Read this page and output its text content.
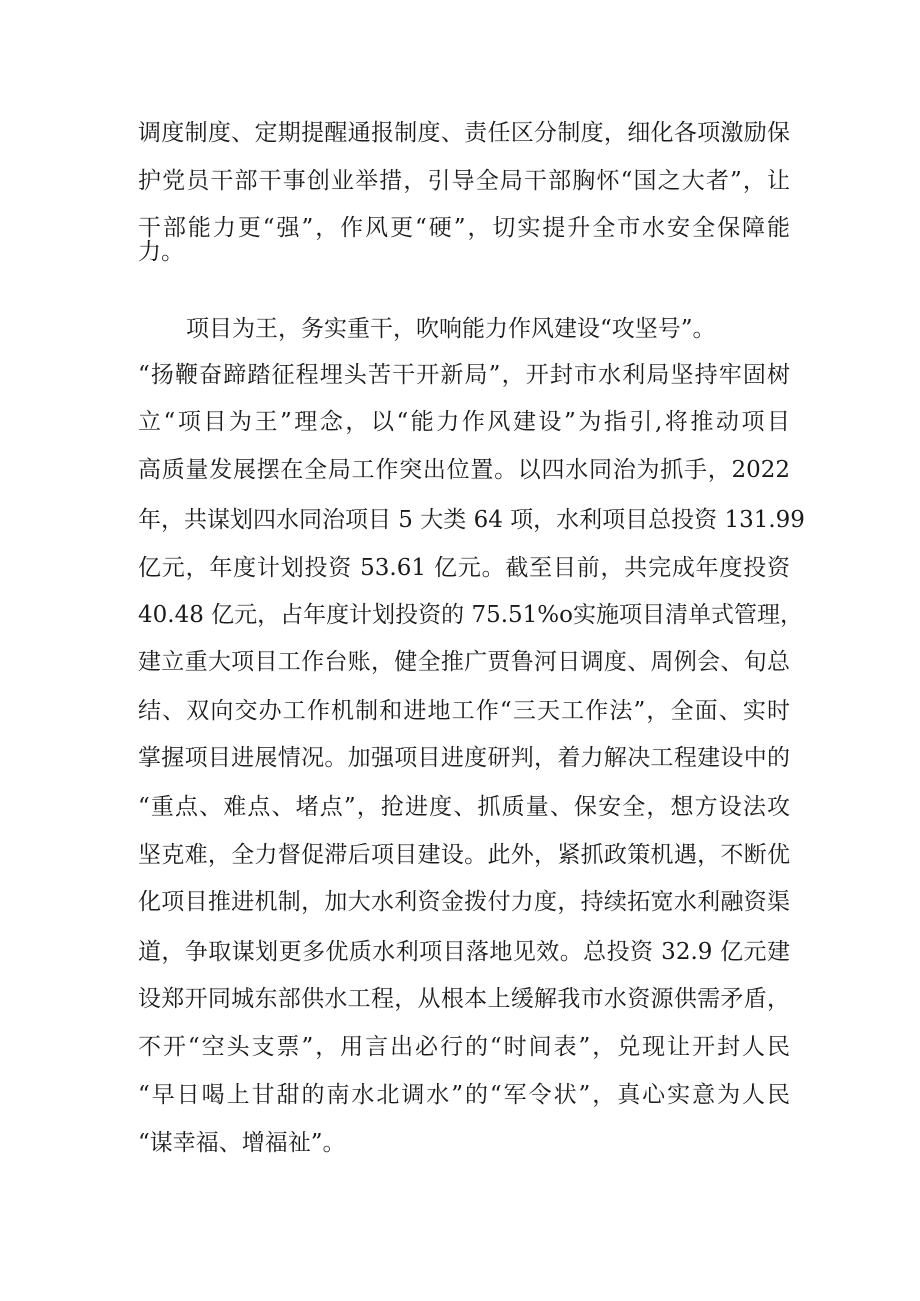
调度制度、定期提醒通报制度、责任区分制度，细化各项激励保
护党员干部干事创业举措，引导全局干部胸怀“国之大者”，让
干部能力更“强”，作风更“硬”，切实提升全市水安全保障能
力。
项目为王，务实重干，吹响能力作风建设“攻坚号”。
“扬鞭奋蹄踏征程埋头苦干开新局”，开封市水利局坚持牢固树
立“项目为王”理念，以“能力作风建设”为指引,将推动项目
高质量发展摆在全局工作突出位置。以四水同治为抓手，2022
年，共谋划四水同治项目 5 大类 64 项，水利项目总投资 131.99
亿元，年度计划投资 53.61 亿元。截至目前，共完成年度投资
40.48 亿元，占年度计划投资的 75.51%o实施项目清单式管理，
建立重大项目工作台账，健全推广贾鲁河日调度、周例会、旬总
结、双向交办工作机制和进地工作“三天工作法”，全面、实时
掌握项目进展情况。加强项目进度研判，着力解决工程建设中的
“重点、难点、堵点”，抢进度、抓质量、保安全，想方设法攻
坚克难，全力督促滞后项目建设。此外，紧抓政策机遇，不断优
化项目推进机制，加大水利资金拨付力度，持续拓宽水利融资渠
道，争取谋划更多优质水利项目落地见效。总投资 32.9 亿元建
设郑开同城东部供水工程，从根本上缓解我市水资源供需矛盾，
不开“空头支票”，用言出必行的“时间表”，兑现让开封人民
“早日喝上甘甜的南水北调水”的“军令状”，真心实意为人民
“谋幸福、增福祉”。
